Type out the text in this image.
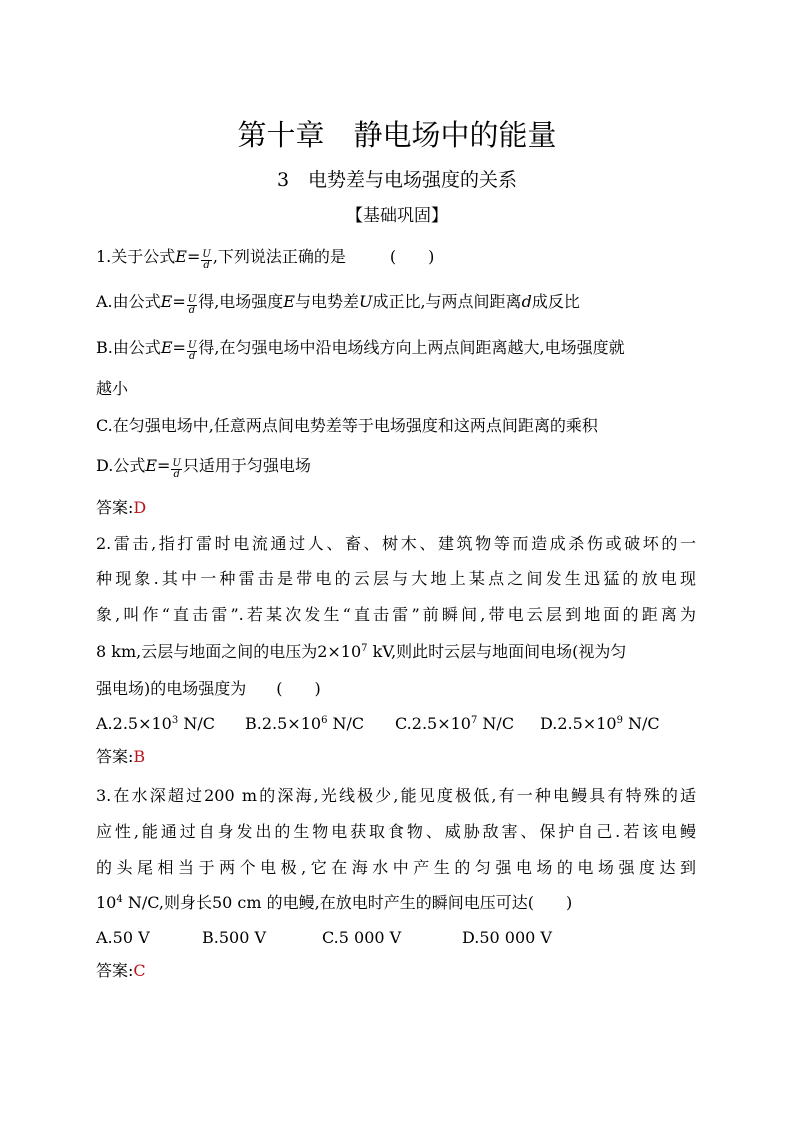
第十章　静电场中的能量
3　电势差与电场强度的关系
【基础巩固】
1.关于公式$E= \frac{U}{d}$ ,下列说法正确的是	(　　)
A.由公式$E= \frac{U}{d}$ 得,电场强度E与电势差U成正比,与两点间距离d成反比
B.由公式$E= \frac{U}{d}$ 得,在匀强电场中沿电场线方向上两点间距离越大,电场强度就
越小
C.在匀强电场中,任意两点间电势差等于电场强度和这两点间距离的乘积
D.公式$E= \frac{U}{d}$ 只适用于匀强电场
答案:D
2.雷击,指打雷时电流通过人、畜、树木、建筑物等而造成杀伤或破坏的一
种现象.其中一种雷击是带电的云层与大地上某点之间发生迅猛的放电现
象,叫作“直击雷”.若某次发生“直击雷”前瞬间,带电云层到地面的距离为
8 km,云层与地面之间的电压为$2\times 10^7$ kV,则此时云层与地面间电场(视为匀
强电场)的电场强度为 (　　)
$A.2.5\times 10^3$ N/C $B.2.5\times 10^6$ N/C $C.2.5\times 10^7$ N/C $D.2.5\times 10^9$ N/C
答案:B
3.在水深超过200 m的深海,光线极少,能见度极低,有一种电鳗具有特殊的适
应性,能通过自身发出的生物电获取食物、威胁敌害、保护自己.若该电鳗
的头尾相当于两个电极,它在海水中产生的匀强电场的电场强度达到
$10^4$ N/C,则身长50 cm 的电鳗,在放电时产生的瞬间电压可达(　　)
A.50 V	B.500 V	C.5 000 V	D.50 000 V
答案:C
